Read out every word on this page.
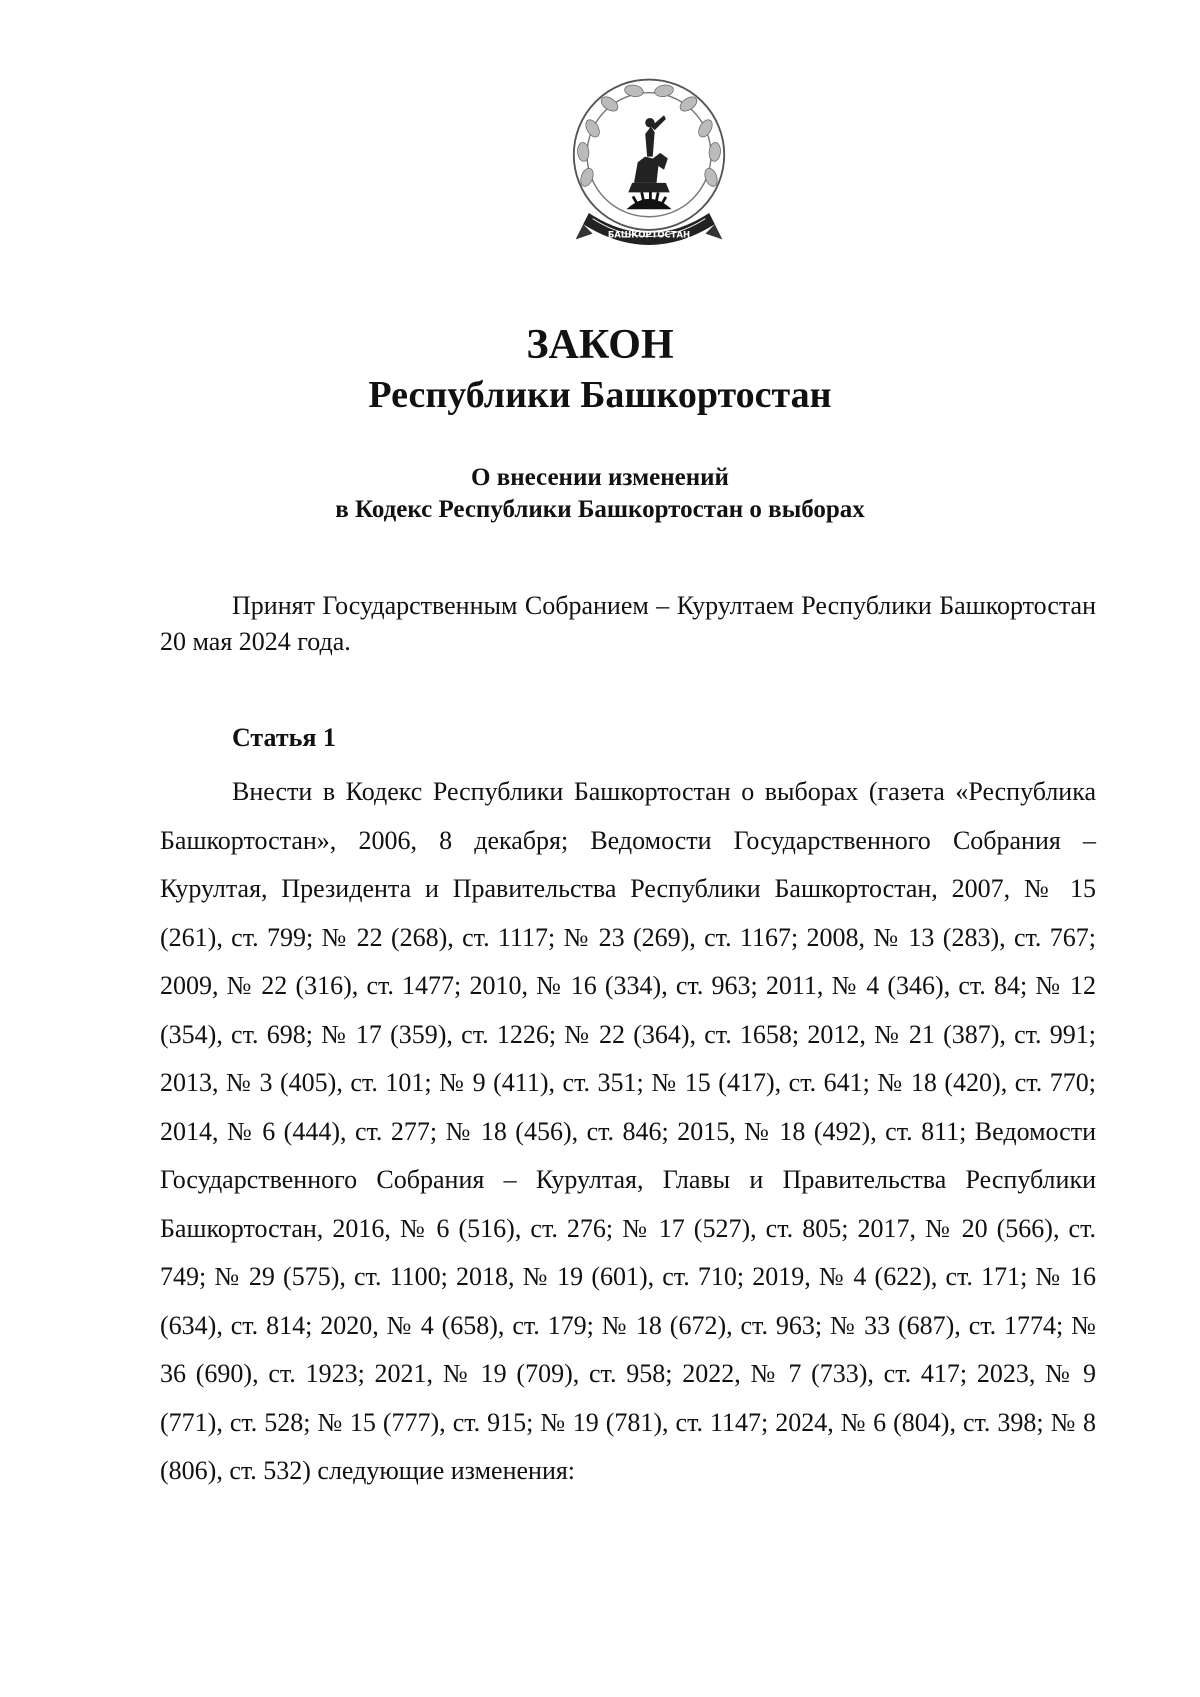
БАШКОРТОСТАН
ЗАКОН
Республики Башкортостан
О внесении изменений
в Кодекс Республики Башкортостан о выборах

Принят Государственным Собранием – Курултаем Республики Башкортостан 20 мая 2024 года.

Статья 1

Внести в Кодекс Республики Башкортостан о выборах (газета «Республика Башкортостан», 2006, 8 декабря; Ведомости Государственного Собрания – Курултая, Президента и Правительства Республики Башкортостан, 2007, № 15 (261), ст. 799; № 22 (268), ст. 1117; № 23 (269), ст. 1167; 2008, № 13 (283), ст. 767; 2009, № 22 (316), ст. 1477; 2010, № 16 (334), ст. 963; 2011, № 4 (346), ст. 84; № 12 (354), ст. 698; № 17 (359), ст. 1226; № 22 (364), ст. 1658; 2012, № 21 (387), ст. 991; 2013, № 3 (405), ст. 101; № 9 (411), ст. 351; № 15 (417), ст. 641; № 18 (420), ст. 770; 2014, № 6 (444), ст. 277; № 18 (456), ст. 846; 2015, № 18 (492), ст. 811; Ведомости Государственного Собрания – Курултая, Главы и Правительства Республики Башкортостан, 2016, № 6 (516), ст. 276; № 17 (527), ст. 805; 2017, № 20 (566), ст. 749; № 29 (575), ст. 1100; 2018, № 19 (601), ст. 710; 2019, № 4 (622), ст. 171; № 16 (634), ст. 814; 2020, № 4 (658), ст. 179; № 18 (672), ст. 963; № 33 (687), ст. 1774; № 36 (690), ст. 1923; 2021, № 19 (709), ст. 958; 2022, № 7 (733), ст. 417; 2023, № 9 (771), ст. 528; № 15 (777), ст. 915; № 19 (781), ст. 1147; 2024, № 6 (804), ст. 398; № 8 (806), ст. 532) следующие изменения:
